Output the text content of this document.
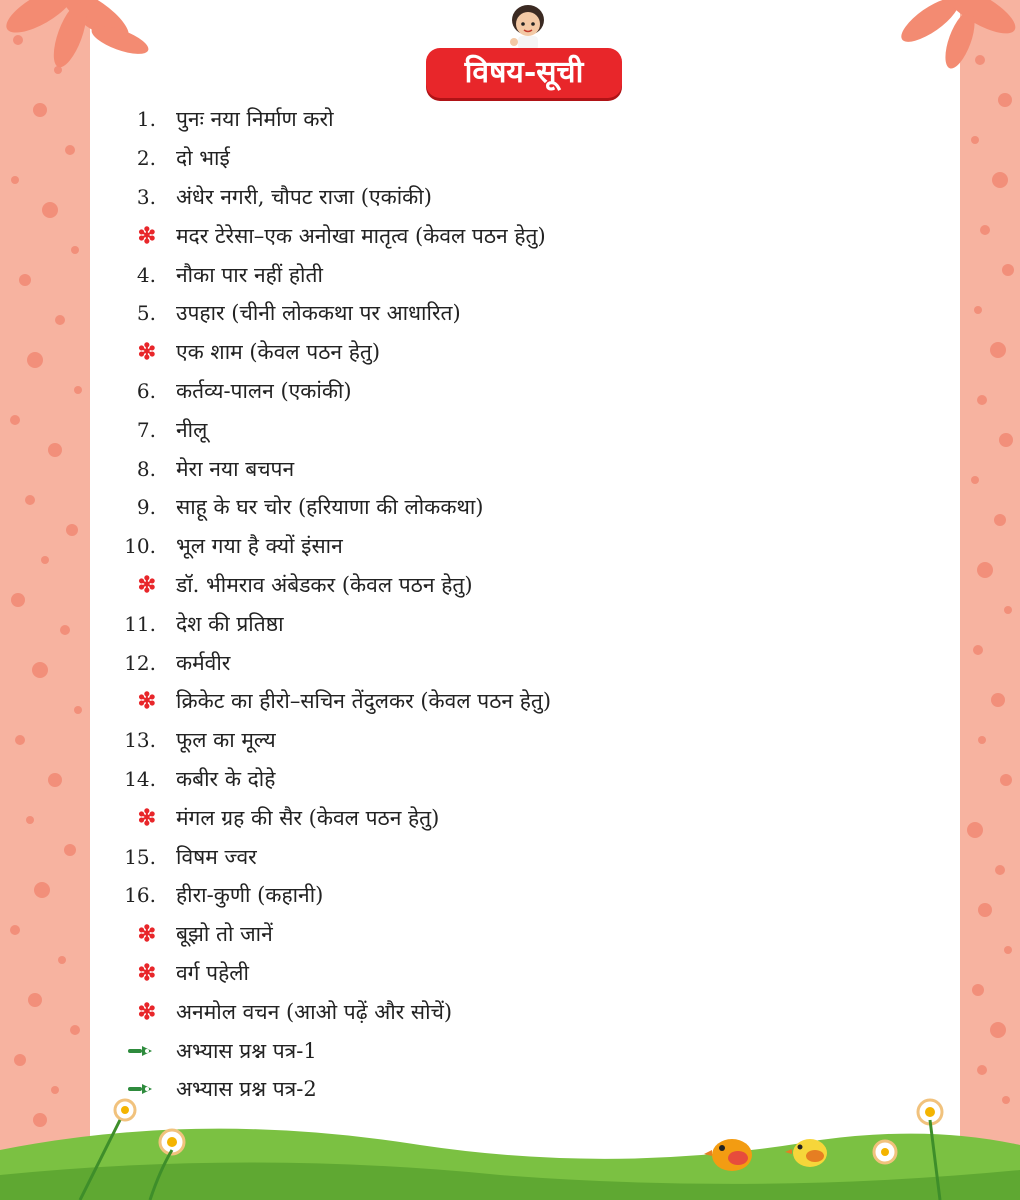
विषय-सूची
1. पुनः नया निर्माण करो
2. दो भाई
3. अंधेर नगरी, चौपट राजा (एकांकी)
❇ मदर टेरेसा–एक अनोखा मातृत्व (केवल पठन हेतु)
4. नौका पार नहीं होती
5. उपहार (चीनी लोककथा पर आधारित)
❇ एक शाम (केवल पठन हेतु)
6. कर्तव्य-पालन (एकांकी)
7. नीलू
8. मेरा नया बचपन
9. साहू के घर चोर (हरियाणा की लोककथा)
10. भूल गया है क्यों इंसान
❇ डॉ. भीमराव अंबेडकर (केवल पठन हेतु)
11. देश की प्रतिष्ठा
12. कर्मवीर
❇ क्रिकेट का हीरो–सचिन तेंदुलकर (केवल पठन हेतु)
13. फूल का मूल्य
14. कबीर के दोहे
❇ मंगल ग्रह की सैर (केवल पठन हेतु)
15. विषम ज्वर
16. हीरा-कुणी (कहानी)
❇ बूझो तो जानें
❇ वर्ग पहेली
❇ अनमोल वचन (आओ पढ़ें और सोचें)
अभ्यास प्रश्न पत्र-1
अभ्यास प्रश्न पत्र-2
